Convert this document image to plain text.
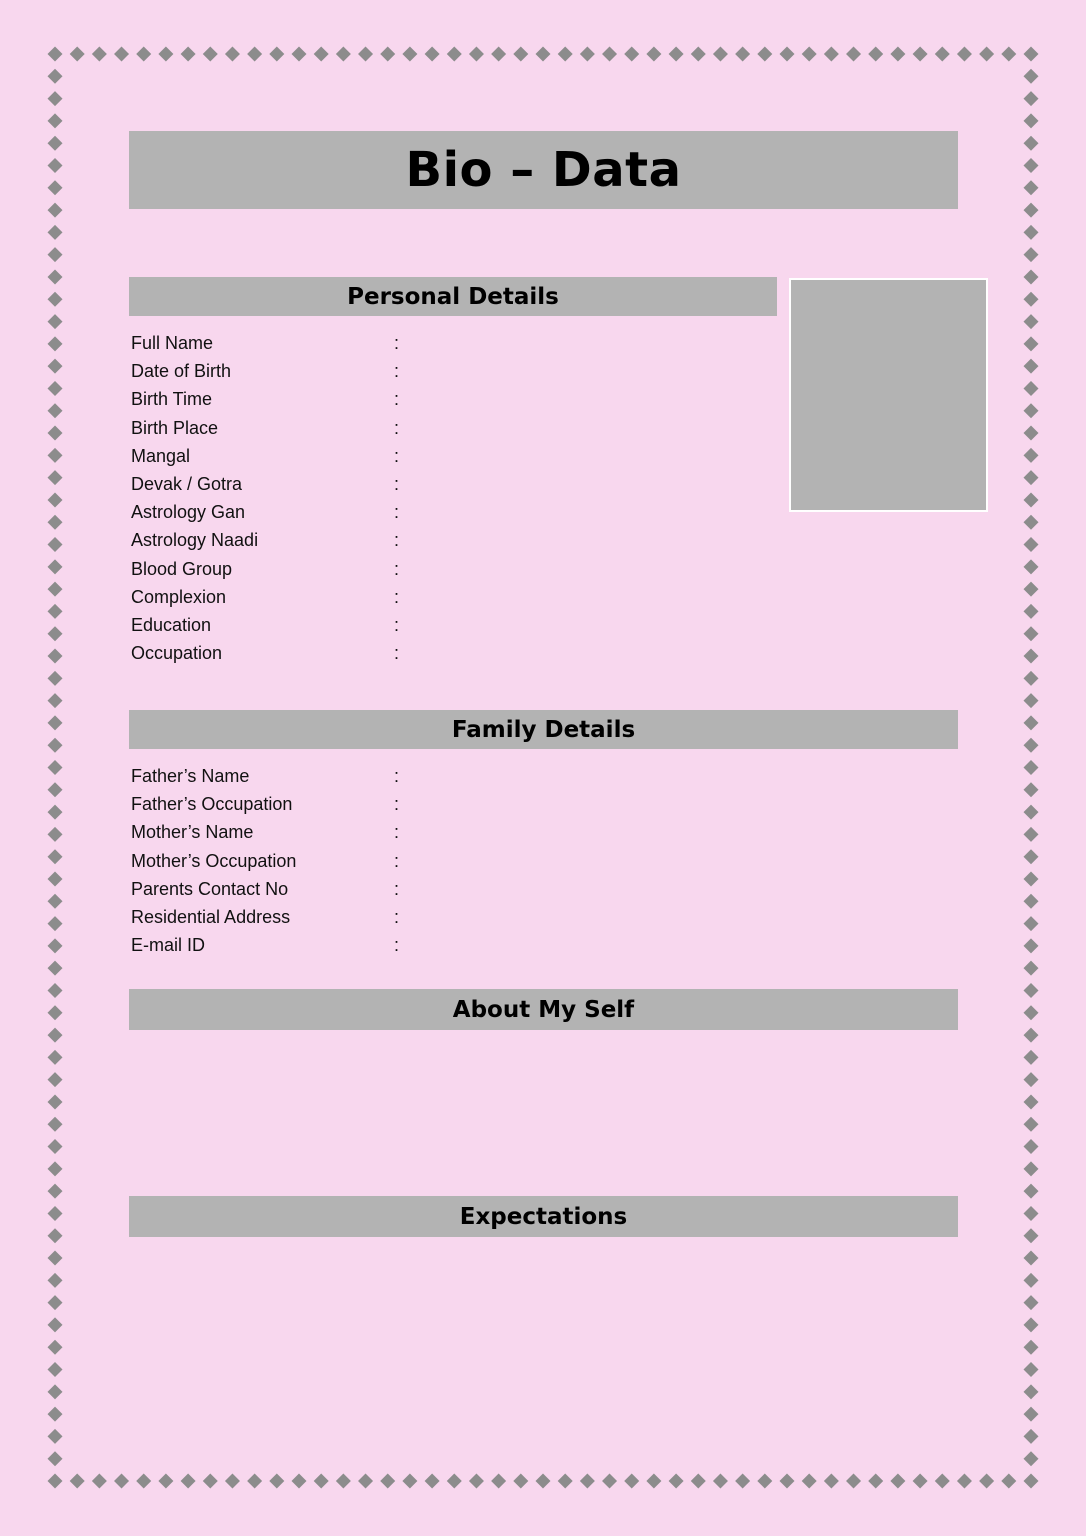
Bio – Data
Personal Details
Full Name	:
Date of Birth	:
Birth Time	:
Birth Place	:
Mangal	:
Devak / Gotra	:
Astrology Gan	:
Astrology Naadi	:
Blood Group	:
Complexion	:
Education	:
Occupation	:
Family Details
Father’s Name	:
Father’s Occupation	:
Mother’s Name	:
Mother’s Occupation	:
Parents Contact No	:
Residential Address	:
E-mail ID	:
About My Self
Expectations
